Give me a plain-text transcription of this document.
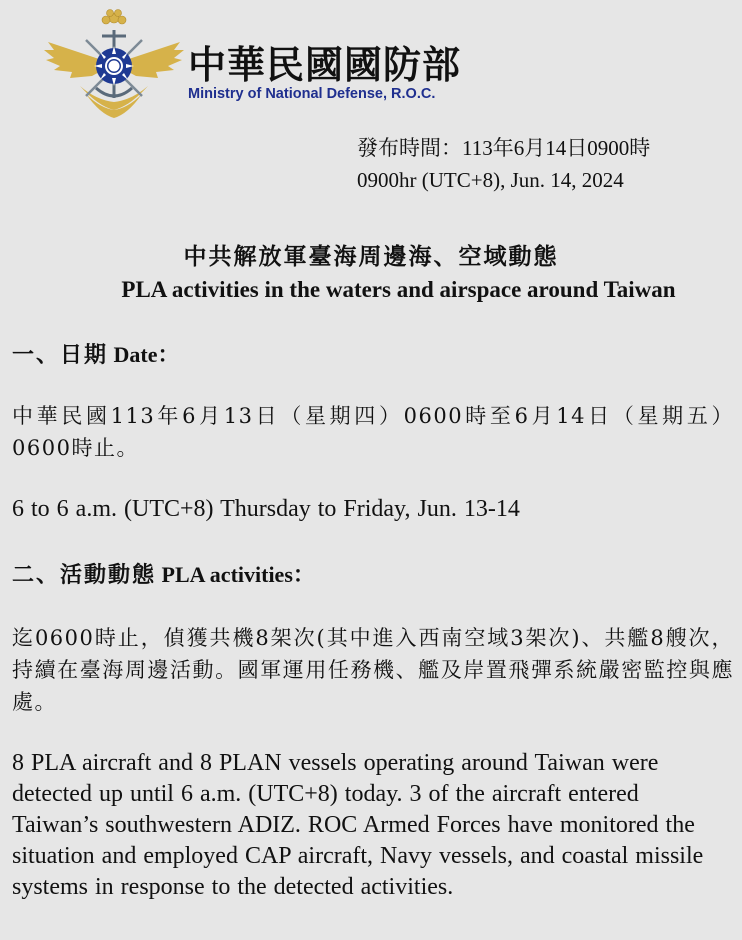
中華民國國防部
Ministry of National Defense, R.O.C.
發布時間：113年6月14日0900時
0900hr (UTC+8), Jun. 14, 2024
中共解放軍臺海周邊海、空域動態
PLA activities in the waters and airspace around Taiwan
一、日期 Date：
中華民國113年6月13日（星期四）0600時至6月14日（星期五）0600時止。
6 to 6 a.m. (UTC+8) Thursday to Friday, Jun. 13-14
二、活動動態 PLA activities：
迄0600時止，偵獲共機8架次(其中進入西南空域3架次)、共艦8艘次，持續在臺海周邊活動。國軍運用任務機、艦及岸置飛彈系統嚴密監控與應處。
8 PLA aircraft and 8 PLAN vessels operating around Taiwan were detected up until 6 a.m. (UTC+8) today. 3 of the aircraft entered Taiwan’s southwestern ADIZ. ROC Armed Forces have monitored the situation and employed CAP aircraft, Navy vessels, and coastal missile systems in response to the detected activities.
